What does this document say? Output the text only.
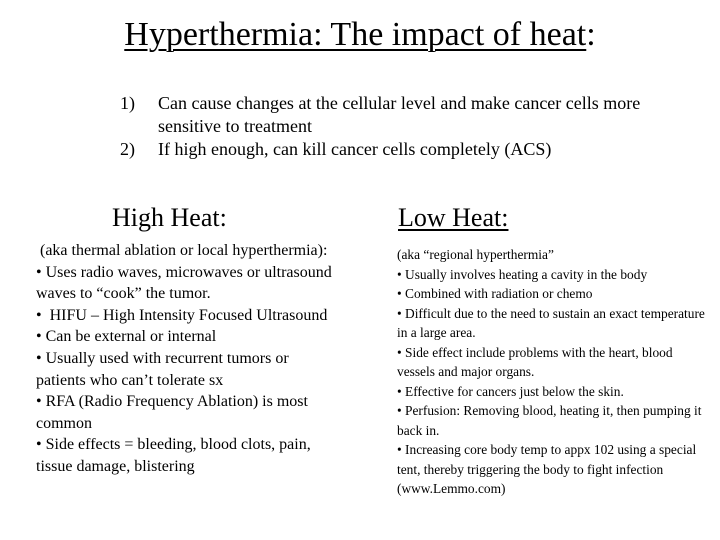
Hyperthermia: The impact of heat:
1)	Can cause changes at the cellular level and make cancer cells more sensitive to treatment
2)	If high enough, can kill cancer cells completely (ACS)
High Heat:	Low Heat:
(aka thermal ablation or local hyperthermia):
• Uses radio waves, microwaves or ultrasound waves to “cook” the tumor.
•  HIFU – High Intensity Focused Ultrasound
• Can be external or internal
• Usually used with recurrent tumors or patients who can’t tolerate sx
• RFA (Radio Frequency Ablation) is most common
• Side effects = bleeding, blood clots, pain, tissue damage, blistering
(aka “regional hyperthermia”
• Usually involves heating a cavity in the body
• Combined with radiation or chemo
• Difficult due to the need to sustain an exact temperature in a large area.
• Side effect include problems with the heart, blood vessels and major organs.
• Effective for cancers just below the skin.
• Perfusion: Removing blood, heating it, then pumping it back in.
• Increasing core body temp to appx 102 using a special tent, thereby triggering the body to fight infection (www.Lemmo.com)
